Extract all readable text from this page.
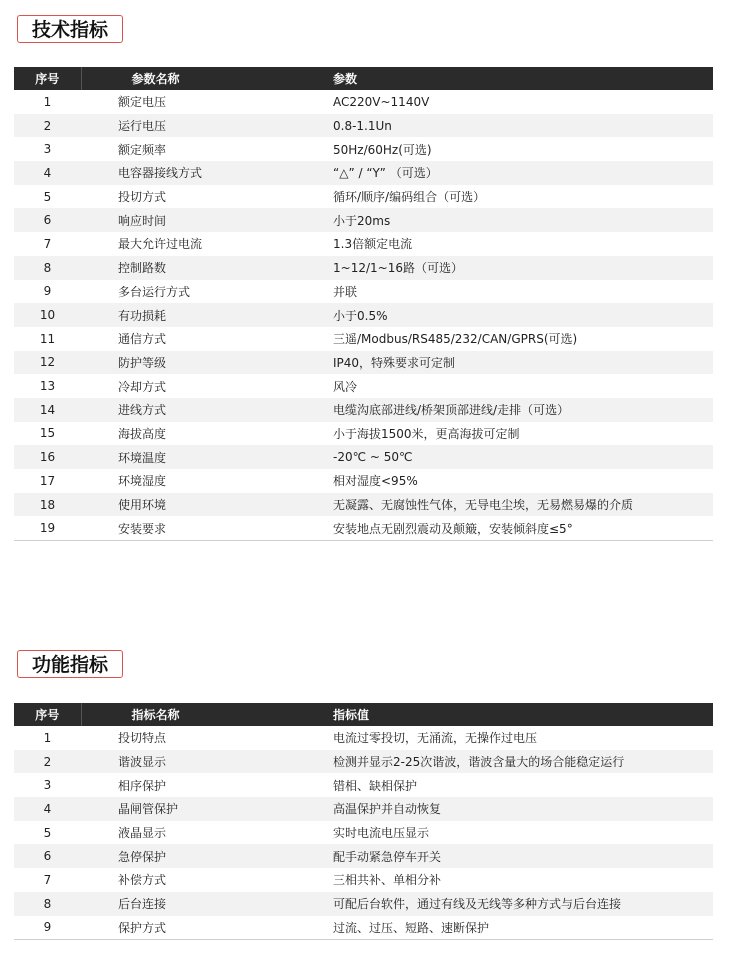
技术指标
序号	参数名称	参数
1	额定电压	AC220V~1140V
2	运行电压	0.8-1.1Un
3	额定频率	50Hz/60Hz(可选)
4	电容器接线方式	“△” / “Y” （可选）
5	投切方式	循环/顺序/编码组合（可选）
6	响应时间	小于20ms
7	最大允许过电流	1.3倍额定电流
8	控制路数	1~12/1~16路（可选）
9	多台运行方式	并联
10	有功损耗	小于0.5%
11	通信方式	三遥/Modbus/RS485/232/CAN/GPRS(可选)
12	防护等级	IP40，特殊要求可定制
13	冷却方式	风冷
14	进线方式	电缆沟底部进线/桥架顶部进线/走排（可选）
15	海拔高度	小于海拔1500米，更高海拔可定制
16	环境温度	-20℃ ~ 50℃
17	环境湿度	相对湿度<95%
18	使用环境	无凝露、无腐蚀性气体，无导电尘埃，无易燃易爆的介质
19	安装要求	安装地点无剧烈震动及颠簸，安装倾斜度≤5°
功能指标
序号	指标名称	指标值
1	投切特点	电流过零投切，无涌流，无操作过电压
2	谐波显示	检测并显示2-25次谐波，谐波含量大的场合能稳定运行
3	相序保护	错相、缺相保护
4	晶闸管保护	高温保护并自动恢复
5	液晶显示	实时电流电压显示
6	急停保护	配手动紧急停车开关
7	补偿方式	三相共补、单相分补
8	后台连接	可配后台软件，通过有线及无线等多种方式与后台连接
9	保护方式	过流、过压、短路、速断保护
